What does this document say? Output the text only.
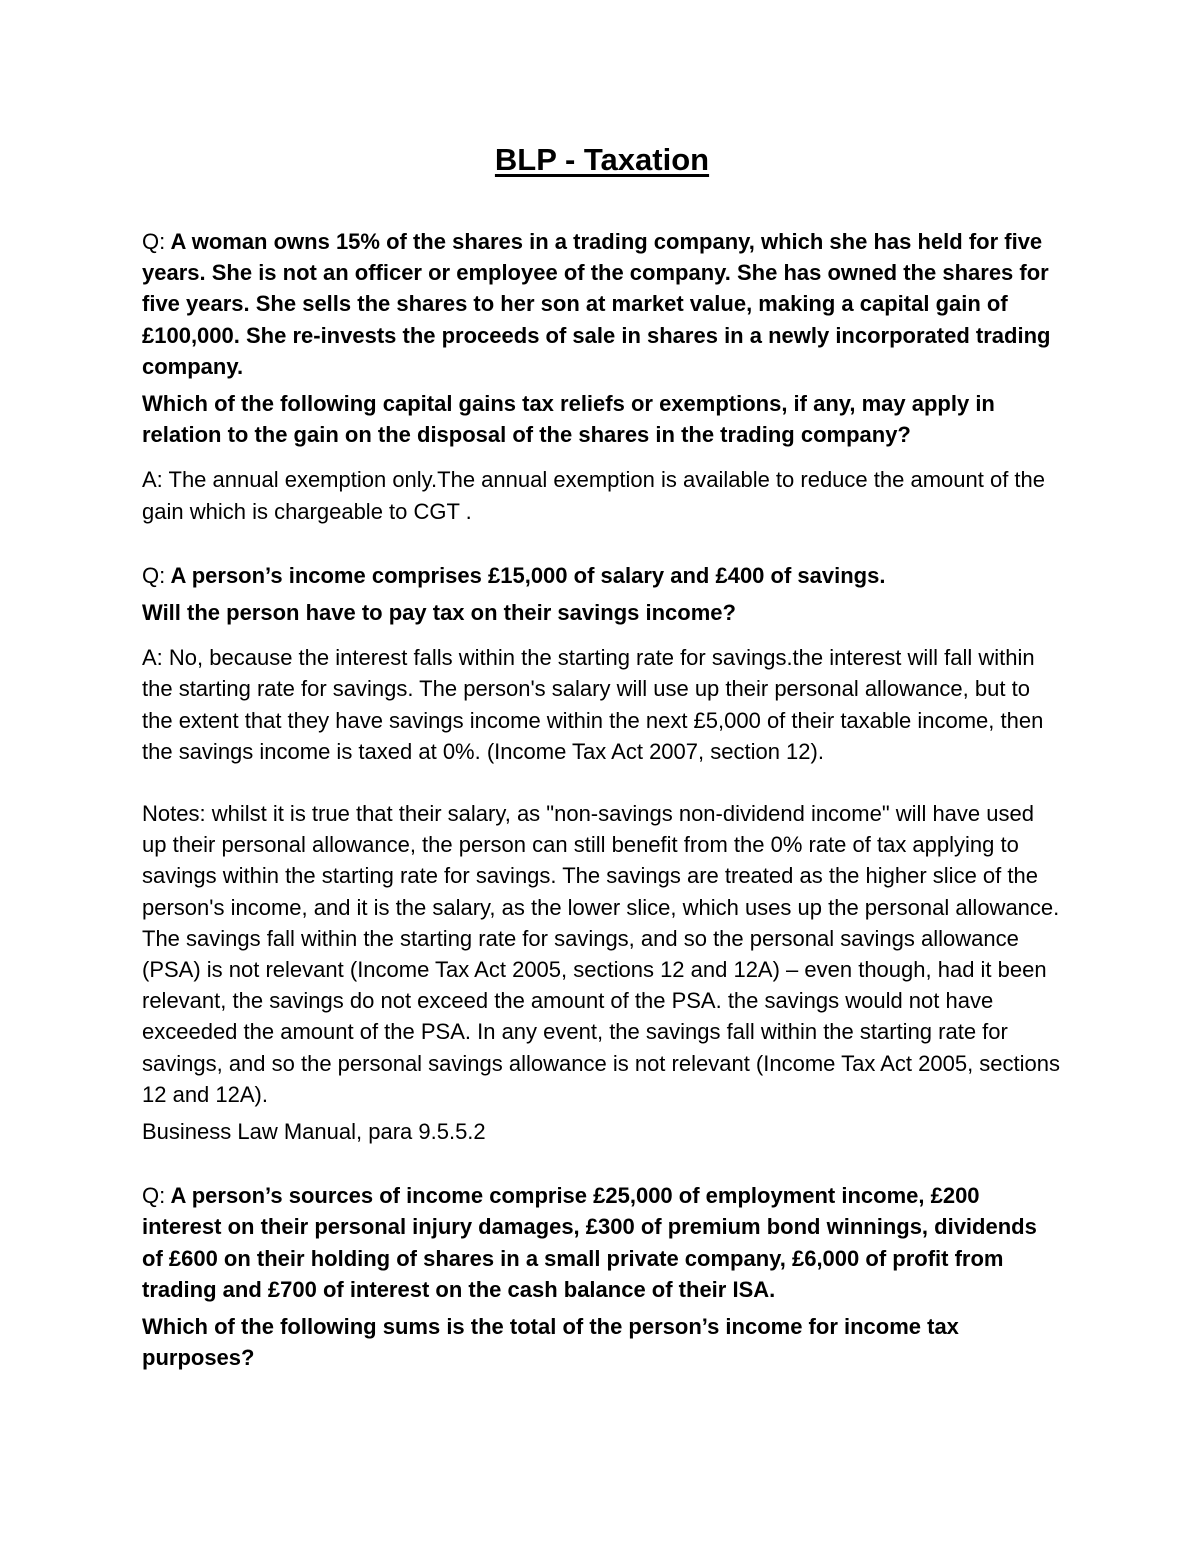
BLP - Taxation

Q: A woman owns 15% of the shares in a trading company, which she has held for five years. She is not an officer or employee of the company. She has owned the shares for five years. She sells the shares to her son at market value, making a capital gain of £100,000. She re-invests the proceeds of sale in shares in a newly incorporated trading company.

Which of the following capital gains tax reliefs or exemptions, if any, may apply in relation to the gain on the disposal of the shares in the trading company?

A: The annual exemption only.The annual exemption is available to reduce the amount of the gain which is chargeable to CGT .

Q: A person’s income comprises £15,000 of salary and £400 of savings.

Will the person have to pay tax on their savings income?

A: No, because the interest falls within the starting rate for savings.the interest will fall within the starting rate for savings. The person's salary will use up their personal allowance, but to the extent that they have savings income within the next £5,000 of their taxable income, then the savings income is taxed at 0%. (Income Tax Act 2007, section 12).

Notes: whilst it is true that their salary, as "non-savings non-dividend income" will have used up their personal allowance, the person can still benefit from the 0% rate of tax applying to savings within the starting rate for savings. The savings are treated as the higher slice of the person's income, and it is the salary, as the lower slice, which uses up the personal allowance. The savings fall within the starting rate for savings, and so the personal savings allowance (PSA) is not relevant (Income Tax Act 2005, sections 12 and 12A) – even though, had it been relevant, the savings do not exceed the amount of the PSA. the savings would not have exceeded the amount of the PSA. In any event, the savings fall within the starting rate for savings, and so the personal savings allowance is not relevant (Income Tax Act 2005, sections 12 and 12A).

Business Law Manual, para 9.5.5.2

Q: A person’s sources of income comprise £25,000 of employment income, £200 interest on their personal injury damages, £300 of premium bond winnings, dividends of £600 on their holding of shares in a small private company, £6,000 of profit from trading and £700 of interest on the cash balance of their ISA.

Which of the following sums is the total of the person’s income for income tax purposes?
